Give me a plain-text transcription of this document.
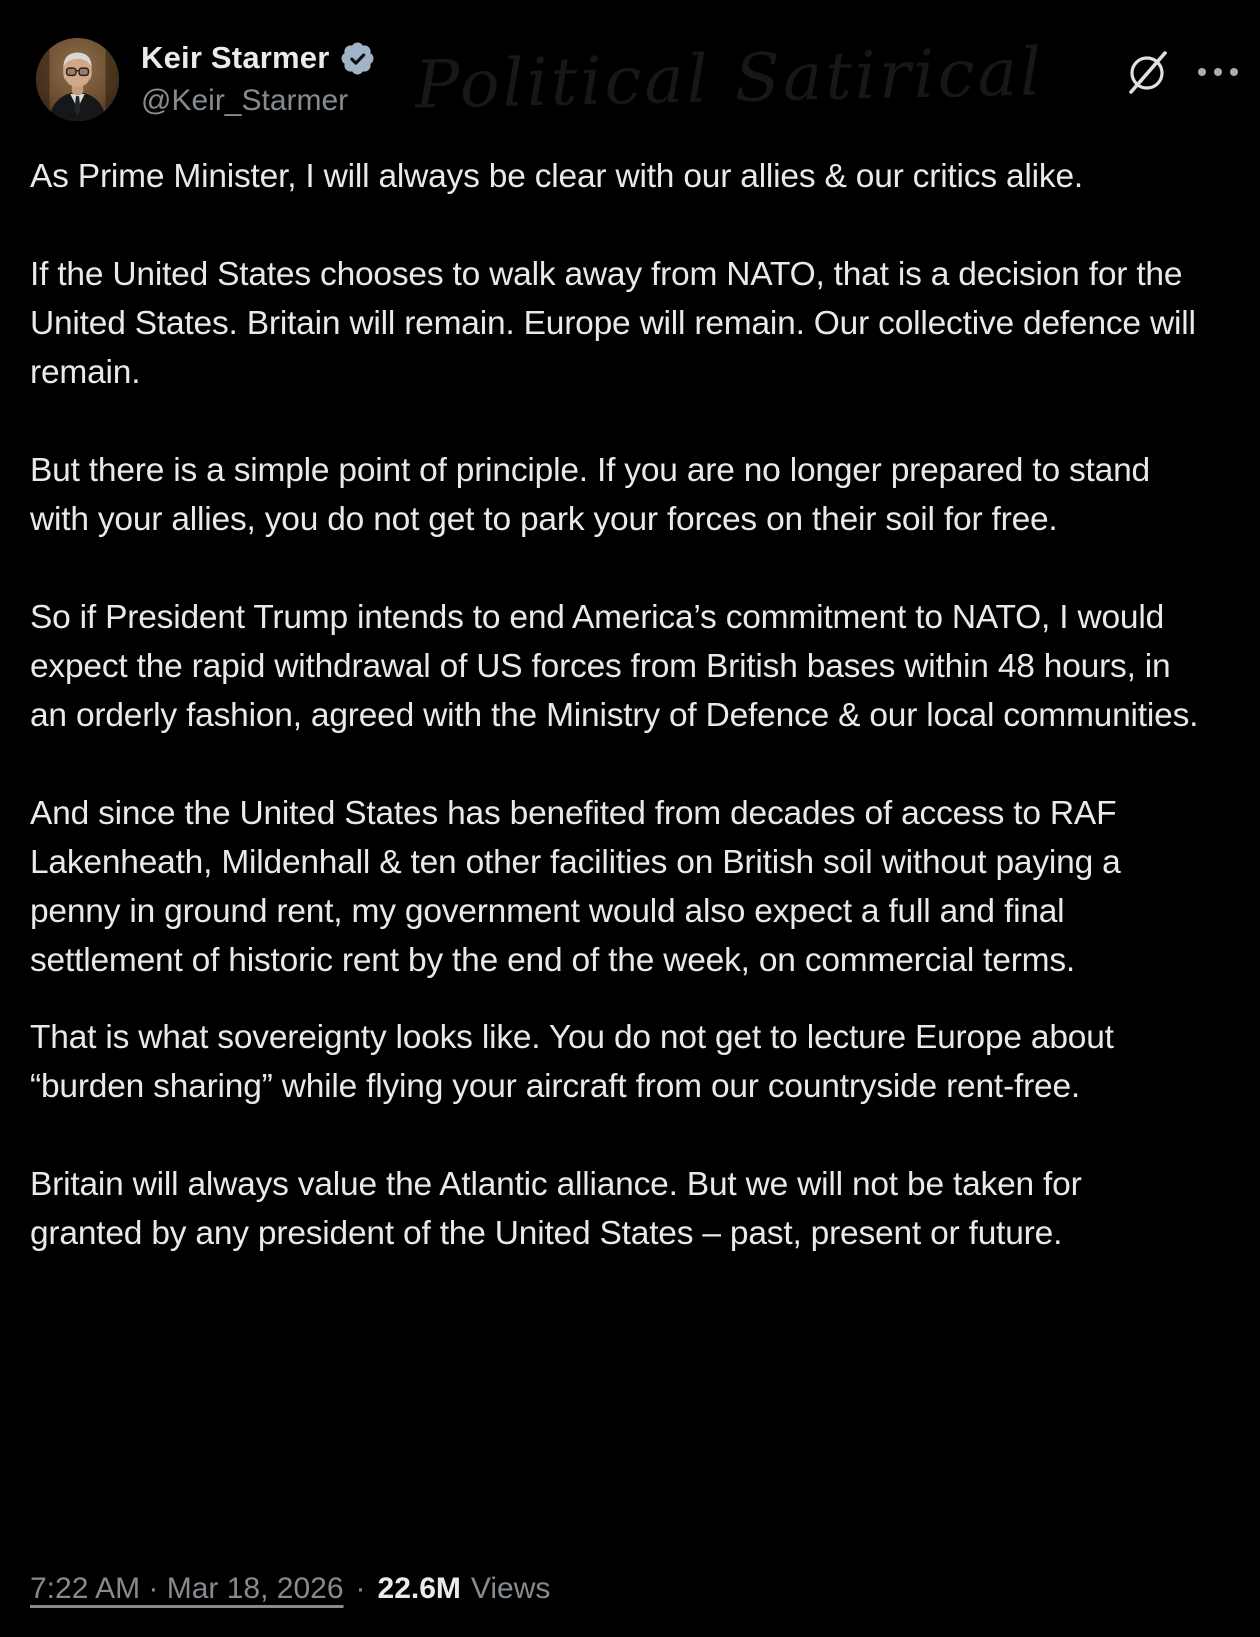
Political Satirical
Keir Starmer
@Keir_Starmer

As Prime Minister, I will always be clear with our allies & our critics alike.

If the United States chooses to walk away from NATO, that is a decision for the United States. Britain will remain. Europe will remain. Our collective defence will remain.

But there is a simple point of principle. If you are no longer prepared to stand with your allies, you do not get to park your forces on their soil for free.

So if President Trump intends to end America’s commitment to NATO, I would expect the rapid withdrawal of US forces from British bases within 48 hours, in an orderly fashion, agreed with the Ministry of Defence & our local communities.

And since the United States has benefited from decades of access to RAF Lakenheath, Mildenhall & ten other facilities on British soil without paying a penny in ground rent, my government would also expect a full and final settlement of historic rent by the end of the week, on commercial terms.

That is what sovereignty looks like. You do not get to lecture Europe about “burden sharing” while flying your aircraft from our countryside rent-free.

Britain will always value the Atlantic alliance. But we will not be taken for granted by any president of the United States – past, present or future.

7:22 AM · Mar 18, 2026 · 22.6M Views
